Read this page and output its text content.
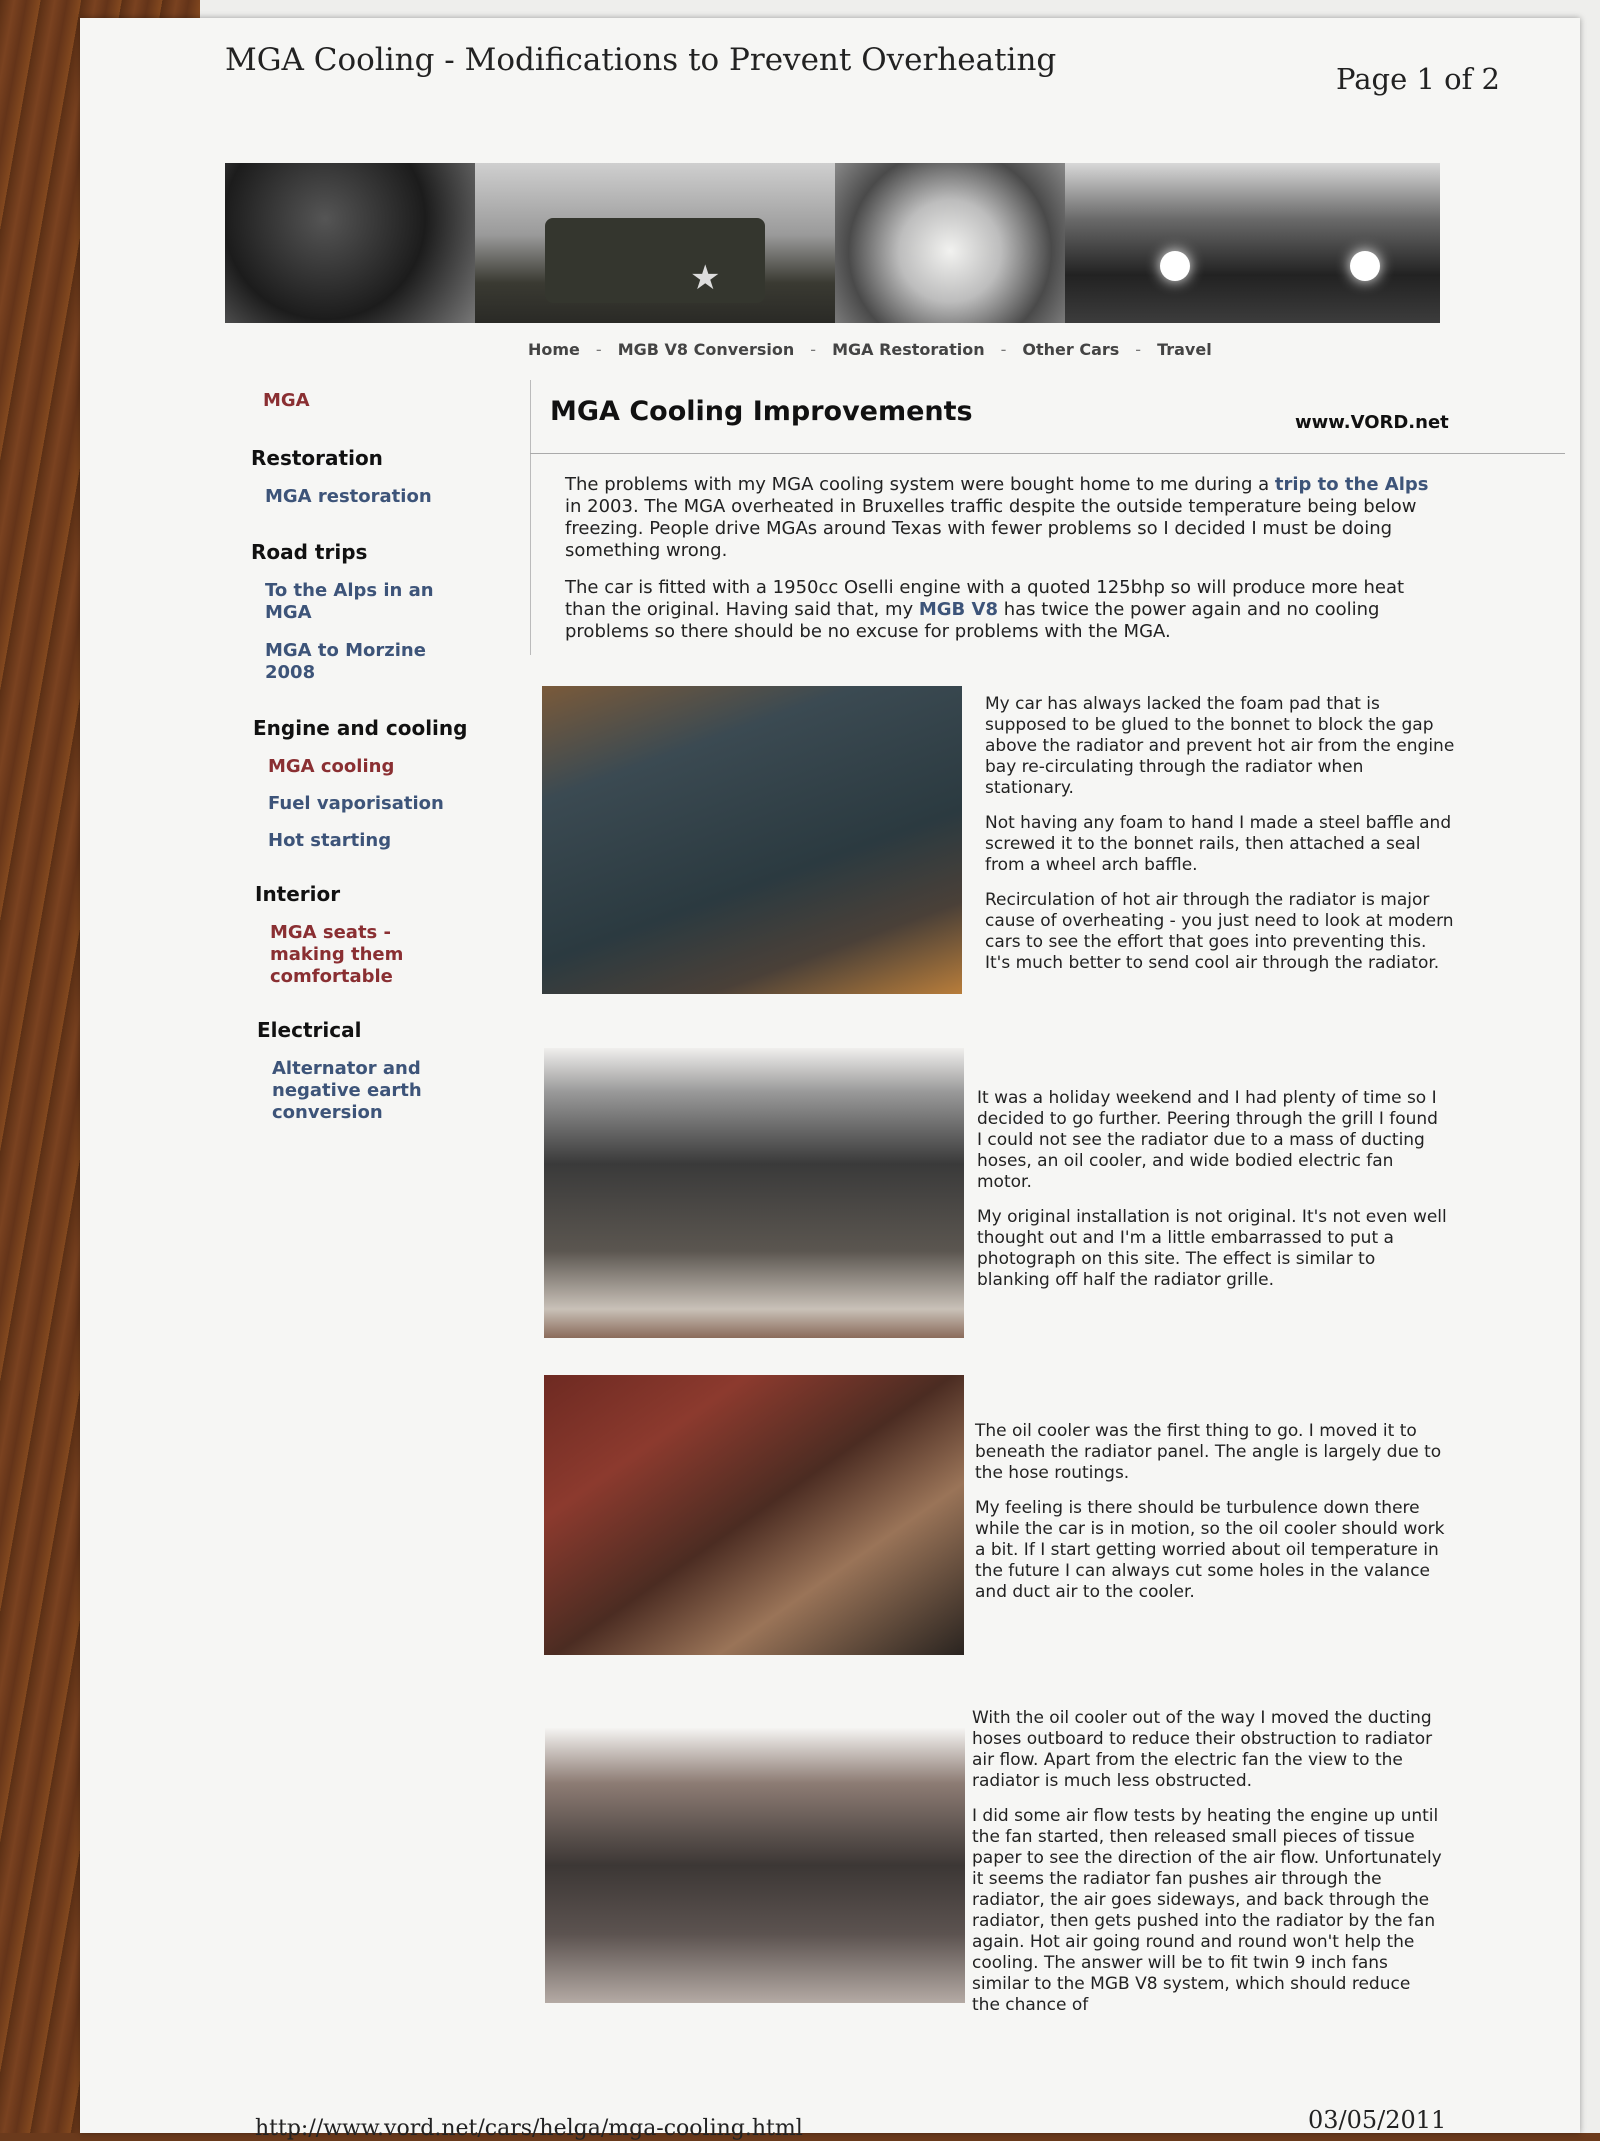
MGA Cooling - Modifications to Prevent Overheating
Page 1 of 2
★
Home - MGB V8 Conversion - MGA Restoration - Other Cars - Travel
MGA
Restoration
MGA restoration
Road trips
To the Alps in an MGA
MGA to Morzine 2008
Engine and cooling
MGA cooling
Fuel vaporisation
Hot starting
Interior
MGA seats - making them comfortable
Electrical
Alternator and negative earth conversion
MGA Cooling Improvements	www.VORD.net

The problems with my MGA cooling system were bought home to me during a trip to the Alps in 2003. The MGA overheated in Bruxelles traffic despite the outside temperature being below freezing. People drive MGAs around Texas with fewer problems so I decided I must be doing something wrong.

The car is fitted with a 1950cc Oselli engine with a quoted 125bhp so will produce more heat than the original. Having said that, my MGB V8 has twice the power again and no cooling problems so there should be no excuse for problems with the MGA.

My car has always lacked the foam pad that is supposed to be glued to the bonnet to block the gap above the radiator and prevent hot air from the engine bay re-circulating through the radiator when stationary.

Not having any foam to hand I made a steel baffle and screwed it to the bonnet rails, then attached a seal from a wheel arch baffle.

Recirculation of hot air through the radiator is major cause of overheating - you just need to look at modern cars to see the effort that goes into preventing this. It's much better to send cool air through the radiator.

It was a holiday weekend and I had plenty of time so I decided to go further. Peering through the grill I found I could not see the radiator due to a mass of ducting hoses, an oil cooler, and wide bodied electric fan motor.

My original installation is not original. It's not even well thought out and I'm a little embarrassed to put a photograph on this site. The effect is similar to blanking off half the radiator grille.

The oil cooler was the first thing to go. I moved it to beneath the radiator panel. The angle is largely due to the hose routings.

My feeling is there should be turbulence down there while the car is in motion, so the oil cooler should work a bit. If I start getting worried about oil temperature in the future I can always cut some holes in the valance and duct air to the cooler.

With the oil cooler out of the way I moved the ducting hoses outboard to reduce their obstruction to radiator air flow. Apart from the electric fan the view to the radiator is much less obstructed.

I did some air flow tests by heating the engine up until the fan started, then released small pieces of tissue paper to see the direction of the air flow. Unfortunately it seems the radiator fan pushes air through the radiator, the air goes sideways, and back through the radiator, then gets pushed into the radiator by the fan again. Hot air going round and round won't help the cooling. The answer will be to fit twin 9 inch fans similar to the MGB V8 system, which should reduce the chance of

http://www.vord.net/cars/helga/mga-cooling.html	03/05/2011
